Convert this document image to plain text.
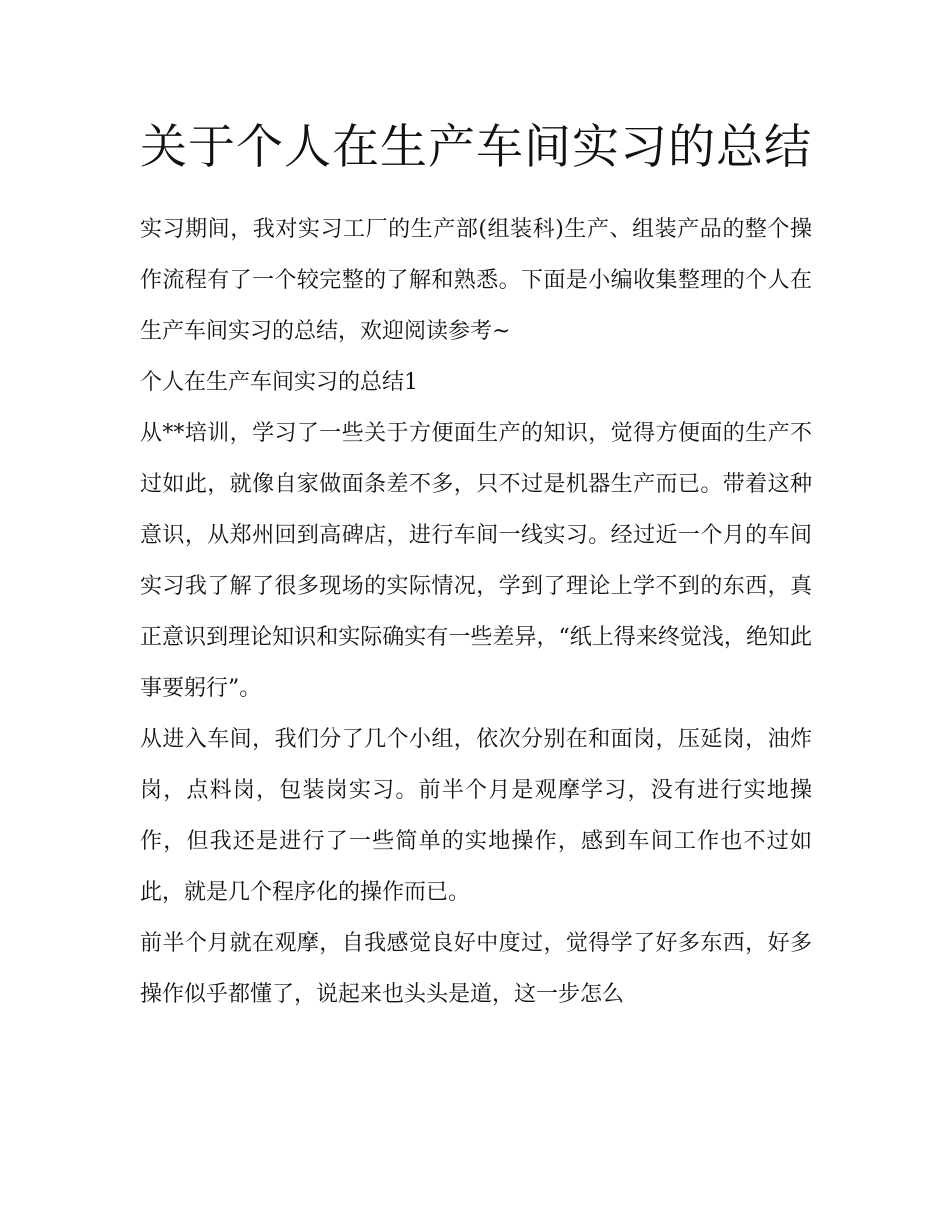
关于个人在生产车间实习的总结

实习期间，我对实习工厂的生产部(组装科)生产、组装产品的整个操作流程有了一个较完整的了解和熟悉。下面是小编收集整理的个人在生产车间实习的总结，欢迎阅读参考~

个人在生产车间实习的总结1

从**培训，学习了一些关于方便面生产的知识，觉得方便面的生产不过如此，就像自家做面条差不多，只不过是机器生产而已。带着这种意识，从郑州回到高碑店，进行车间一线实习。经过近一个月的车间实习我了解了很多现场的实际情况，学到了理论上学不到的东西，真正意识到理论知识和实际确实有一些差异，“纸上得来终觉浅，绝知此事要躬行”。

从进入车间，我们分了几个小组，依次分别在和面岗，压延岗，油炸岗，点料岗，包装岗实习。前半个月是观摩学习，没有进行实地操作，但我还是进行了一些简单的实地操作，感到车间工作也不过如此，就是几个程序化的操作而已。

前半个月就在观摩，自我感觉良好中度过，觉得学了好多东西，好多操作似乎都懂了，说起来也头头是道，这一步怎么
